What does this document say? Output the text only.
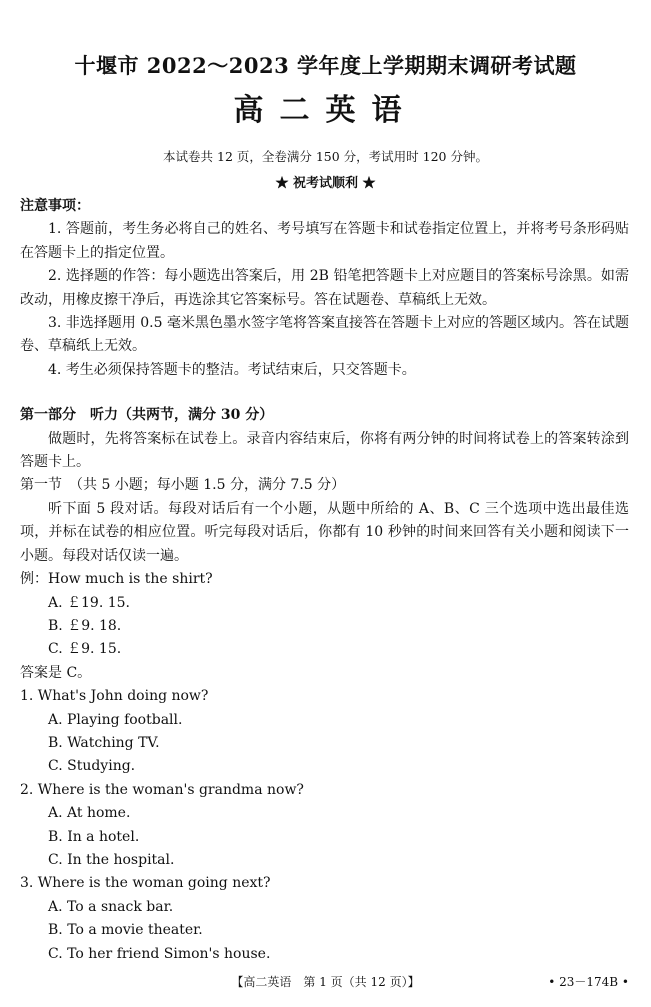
十堰市 2022～2023 学年度上学期期末调研考试题
高二英语
本试卷共 12 页，全卷满分 150 分，考试用时 120 分钟。
★ 祝考试顺利 ★

注意事项：

1. 答题前，考生务必将自己的姓名、考号填写在答题卡和试卷指定位置上，并将考号条形码贴在答题卡上的指定位置。

2. 选择题的作答：每小题选出答案后，用 2B 铅笔把答题卡上对应题目的答案标号涂黑。如需改动，用橡皮擦干净后，再选涂其它答案标号。答在试题卷、草稿纸上无效。

3. 非选择题用 0.5 毫米黑色墨水签字笔将答案直接答在答题卡上对应的答题区域内。答在试题卷、草稿纸上无效。

4. 考生必须保持答题卡的整洁。考试结束后，只交答题卡。

第一部分　听力（共两节，满分 30 分）

做题时，先将答案标在试卷上。录音内容结束后，你将有两分钟的时间将试卷上的答案转涂到答题卡上。

第一节　（共 5 小题；每小题 1.5 分，满分 7.5 分）

听下面 5 段对话。每段对话后有一个小题，从题中所给的 A、B、C 三个选项中选出最佳选项，并标在试卷的相应位置。听完每段对话后，你都有 10 秒钟的时间来回答有关小题和阅读下一小题。每段对话仅读一遍。

例：How much is the shirt?

A. ￡19. 15.

B. ￡9. 18.

C. ￡9. 15.

答案是 C。

1. What's John doing now?

A. Playing football.

B. Watching TV.

C. Studying.

2. Where is the woman's grandma now?

A. At home.

B. In a hotel.

C. In the hospital.

3. Where is the woman going next?

A. To a snack bar.

B. To a movie theater.

C. To her friend Simon's house.

【高二英语　第 1 页（共 12 页）】	• 23－174B •
